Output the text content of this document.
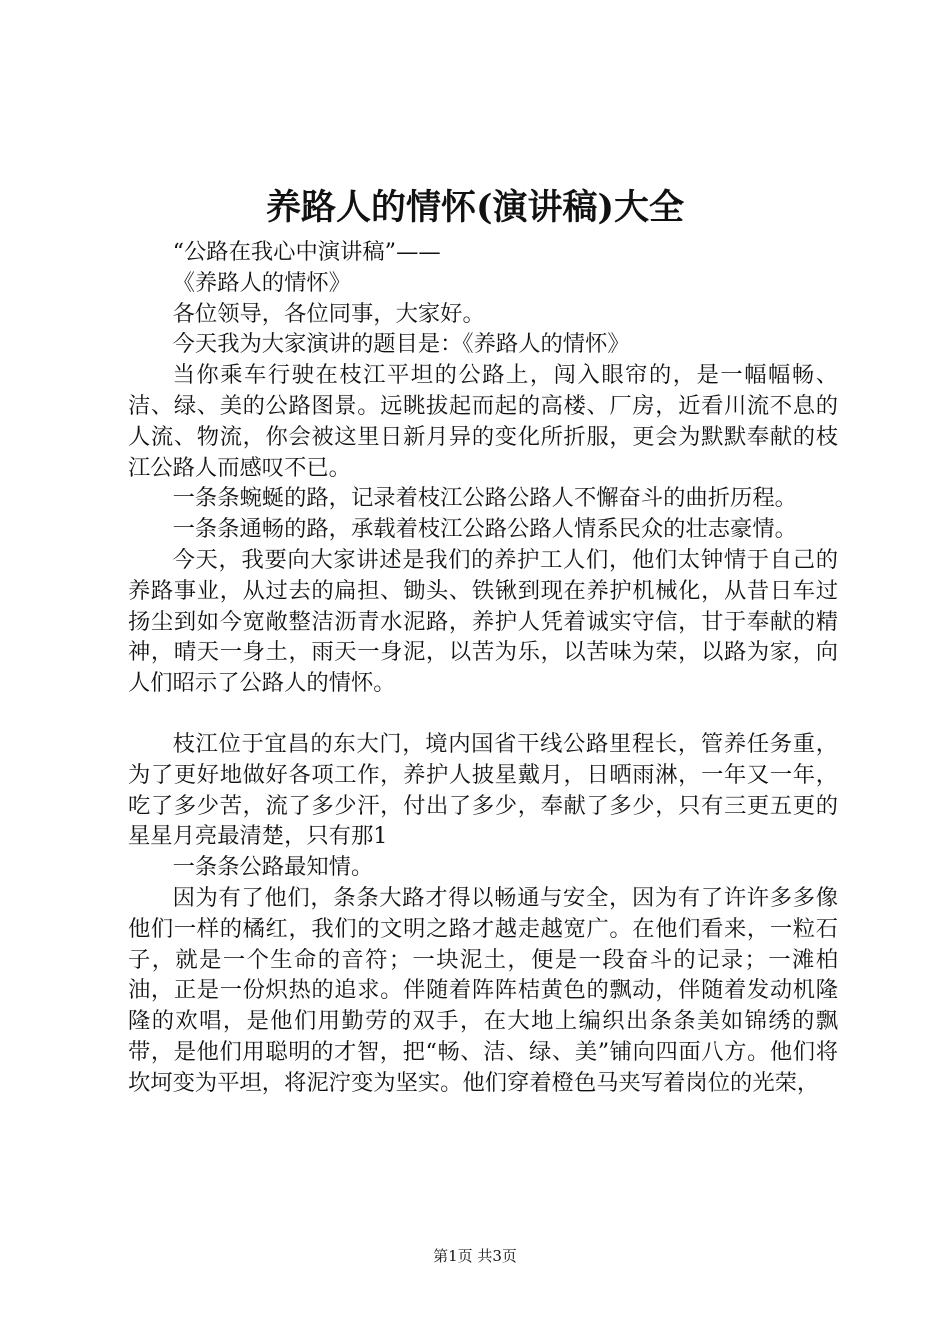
养路人的情怀(演讲稿)大全

“公路在我心中演讲稿”——

《养路人的情怀》

各位领导，各位同事，大家好。

今天我为大家演讲的题目是：《养路人的情怀》

当你乘车行驶在枝江平坦的公路上，闯入眼帘的，是一幅幅畅、洁、绿、美的公路图景。远眺拔起而起的高楼、厂房，近看川流不息的人流、物流，你会被这里日新月异的变化所折服，更会为默默奉献的枝江公路人而感叹不已。

一条条蜿蜒的路，记录着枝江公路公路人不懈奋斗的曲折历程。

一条条通畅的路，承载着枝江公路公路人情系民众的壮志豪情。

今天，我要向大家讲述是我们的养护工人们，他们太钟情于自己的养路事业，从过去的扁担、锄头、铁锹到现在养护机械化，从昔日车过扬尘到如今宽敞整洁沥青水泥路，养护人凭着诚实守信，甘于奉献的精神，晴天一身土，雨天一身泥，以苦为乐，以苦味为荣，以路为家，向人们昭示了公路人的情怀。

枝江位于宜昌的东大门，境内国省干线公路里程长，管养任务重，为了更好地做好各项工作，养护人披星戴月，日晒雨淋，一年又一年，吃了多少苦，流了多少汗，付出了多少，奉献了多少，只有三更五更的星星月亮最清楚，只有那1

一条条公路最知情。

因为有了他们，条条大路才得以畅通与安全，因为有了许许多多像他们一样的橘红，我们的文明之路才越走越宽广。在他们看来，一粒石子，就是一个生命的音符；一块泥土，便是一段奋斗的记录；一滩柏油，正是一份炽热的追求。伴随着阵阵桔黄色的飘动，伴随着发动机隆隆的欢唱，是他们用勤劳的双手，在大地上编织出条条美如锦绣的飘带，是他们用聪明的才智，把“畅、洁、绿、美”铺向四面八方。他们将坎坷变为平坦，将泥泞变为坚实。他们穿着橙色马夹写着岗位的光荣，

第1页 共3页
